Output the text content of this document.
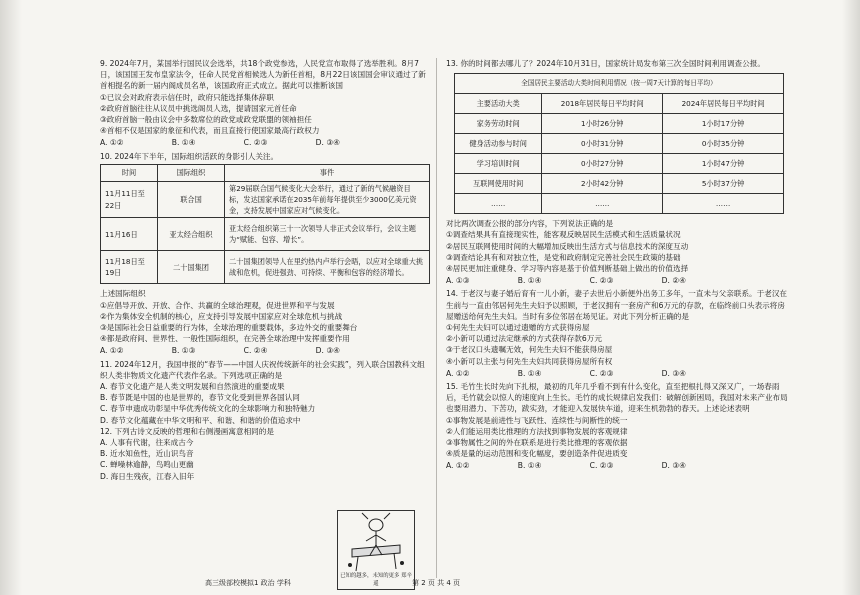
9. 2024年7月，某国举行国民议会选举，共18个政党参选，人民党宣布取得了选举胜利。8月7日，该国国王发布皇家法令，任命人民党首相候选人为新任首相，8月22日该国国会审议通过了新首相提名的新一届内阁成员名单，该国政府正式成立。据此可以推断该国

①已议会对政府表示信任时，政府只能选择集体辞职

②政府首脑往往从议员中挑选阁员人选，提请国家元首任命

③政府首脑一般由议会中多数席位的政党或政党联盟的领袖担任

④首相不仅是国家的象征和代表，而且直接行使国家最高行政权力

A. ①②	B. ①④	C. ②③	D. ③④

10. 2024年下半年，国际组织活跃的身影引人关注。

时间	国际组织	事件
11月11日至22日	联合国	第29届联合国气候变化大会举行，通过了新的气候融资目标，发达国家承诺在2035年前每年提供至少3000亿美元资金，支持发展中国家应对气候变化。
11月16日	亚太经合组织	亚太经合组织第三十一次领导人非正式会议举行，会议主题为“赋能、包容、增长”。
11月18日至19日	二十国集团	二十国集团领导人在里约热内卢举行会晤，以应对全球重大挑战和危机，促进强劲、可持续、平衡和包容的经济增长。

上述国际组织

①应倡导开放、开放、合作、共赢的全球治理观，促进世界和平与发展

②作为集体安全机制的核心，应支持引导发展中国家应对全球危机与挑战

③是国际社会日益重要的行为体，全球治理的重要载体，多边外交的重要舞台

④都是政府间、世界性、一般性国际组织，在完善全球治理中发挥重要作用

A. ①②	B. ①③	C. ②④	D. ③④

11. 2024年12月，我国申报的“春节——中国人庆祝传统新年的社会实践”，列入联合国教科文组织人类非物质文化遗产代表作名录。下列选项正确的是

A. 春节文化遗产是人类文明发展和自然演进的重要成果

B. 春节既是中国的也是世界的，春节文化受到世界各国认同

C. 春节申遗成功彰显中华优秀传统文化的全球影响力和独特魅力

D. 春节文化蕴藏在中华文明和平、和谐、和谐的价值追求中

12. 下列古诗文反映的哲理和右侧漫画寓意相同的是

A. 人事有代谢，往来成古今

B. 近水知鱼性，近山识鸟音

C. 蝉噪林逾静，鸟鸣山更幽

D. 海日生残夜，江春入旧年

已知的越多，未知的更多 郑辛遥

13. 你的时间都去哪儿了？2024年10月31日，国家统计局发布第三次全国时间利用调查公报。

全国居民主要活动大类时间利用情况（按一周7天计算的每日平均）		
主要活动大类	2018年居民每日平均时间	2024年居民每日平均时间
家务劳动时间	1小时26分钟	1小时17分钟
健身活动参与时间	0小时31分钟	0小时35分钟
学习培训时间	0小时27分钟	1小时47分钟
互联网使用时间	2小时42分钟	5小时37分钟
……	……	……

对比两次调查公报的部分内容，下列说法正确的是

①调查结果具有直接现实性，能客观反映居民生活模式和生活质量状况

②居民互联网使用时间的大幅增加反映出生活方式与信息技术的深度互动

③调查结论具有和对独立性，是党和政府制定完善社会民生政策的基础

④居民更加注重健身、学习等内容是基于价值判断基础上做出的价值选择

A. ①③	B. ①④	C. ②③	D. ②④

14. 于老汉与妻子婚后育有一儿小新，妻子去世后小新便外出务工多年，一直未与父亲联系。于老汉在生前与一直由邻居何先生夫妇予以照顾，于老汉拥有一套房产和6万元的存款，在临终前口头表示将房屋赠送给何先生夫妇。当时有多位邻居在场见证。对此下列分析正确的是

①何先生夫妇可以通过遗赠的方式获得房屋

②小新可以通过法定继承的方式获得存款6万元

③于老汉口头遗嘱无效，何先生夫妇不能获得房屋

④小新可以主张与何先生夫妇共同获得房屋所有权

A. ①②	B. ①④	C. ②③	D. ③④

15. 毛竹生长时先向下扎根，最初的几年几乎看不到有什么变化，直至把根扎得又深又广，一场春雨后，毛竹就会以惊人的速度向上生长。毛竹的成长规律启发我们：破解创新困局，我国对未来产业布局也要用潜力、下苦功，跋实劲，才能迎入发展快车道，迎来生机勃勃的春天。上述论述表明

①事物发展是前进性与飞跃性、连续性与间断性的统一

②人们能运用类比推理的方法找到事物发展的客观规律

③事物属性之间的外在联系是进行类比推理的客观依据

④质是量的运动范围和变化幅度，要创造条件促进质变

A. ①②	B. ①④	C. ②③	D. ③④
高三级部校模拟1 政治 学科	第 2 页 共 4 页
